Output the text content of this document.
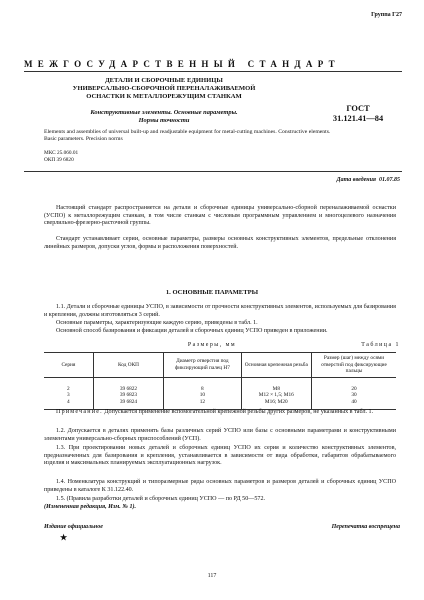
Группа Г27
МЕЖГОСУДАРСТВЕННЫЙ СТАНДАРТ
ДЕТАЛИ И СБОРОЧНЫЕ ЕДИНИЦЫ
УНИВЕРСАЛЬНО-СБОРОЧНОЙ ПЕРЕНАЛАЖИВАЕМОЙ
ОСНАСТКИ К МЕТАЛЛОРЕЖУЩИМ СТАНКАМ
Конструктивные элементы. Основные параметры.
Нормы точности
ГОСТ
31.121.41—84
Elements and assemblies of universal built-up and readjustable equipment for metal-cutting machines. Constructive elements. Basic parameters. Precision norms
МКС 25.060.01
ОКП 39 6820
Дата введения 01.07.85

Настоящий стандарт распространяется на детали и сборочные единицы универсально-сборной переналаживаемой оснастки (УСПО) к металлорежущим станкам, в том числе станкам с числовым программным управлением и многоцелевого назначения сверлильно-фрезерно-расточной группы.

Стандарт устанавливает серии, основные параметры, размеры основных конструктивных элементов, предельные отклонения линейных размеров, допуски углов, формы и расположения поверхностей.

1. ОСНОВНЫЕ ПАРАМЕТРЫ

1.1. Детали и сборочные единицы УСПО, в зависимости от прочности конструктивных элементов, используемых для базирования и крепления, должны изготовляться 3 серий.

Основные параметры, характеризующие каждую серию, приведены в табл. 1.

Основной способ базирования и фиксации деталей и сборочных единиц УСПО приведен в приложении.

Размеры, мм	Таблица 1
Серия	Код ОКП	Диаметр отверстия под фиксирующий палец H7	Основная крепежная резьба	Размер (шаг) между осями отверстий под фиксирующие пальцы
2	39 6822	8	М8	20
3	39 6823	10	М12 × 1,5; М16	30
4	39 6824	12	М16; М20	40

Примечание. Допускается применение вспомогательной крепежной резьбы других размеров, не указанных в табл. 1.

1.2. Допускается в деталях применять базы различных серий УСПО или базы с основными параметрами и конструктивными элементами универсально-сборных приспособлений (УСП).

1.3. При проектировании новых деталей и сборочных единиц УСПО их серия и количество конструктивных элементов, предназначенных для базирования и крепления, устанавливается в зависимости от вида обработки, габаритов обрабатываемого изделия и максимальных планируемых эксплуатационных нагрузок.

1.4. Номенклатура конструкций и типоразмерные ряды основных параметров и размеров деталей и сборочных единиц УСПО приведены в каталоге К 31.122.40.

1.5. (Правила разработки деталей и сборочных единиц УСПО — по РД 50—572.

(Измененная редакция, Изм. № 1).

Издание официальное	Перепечатка воспрещена
★
117
